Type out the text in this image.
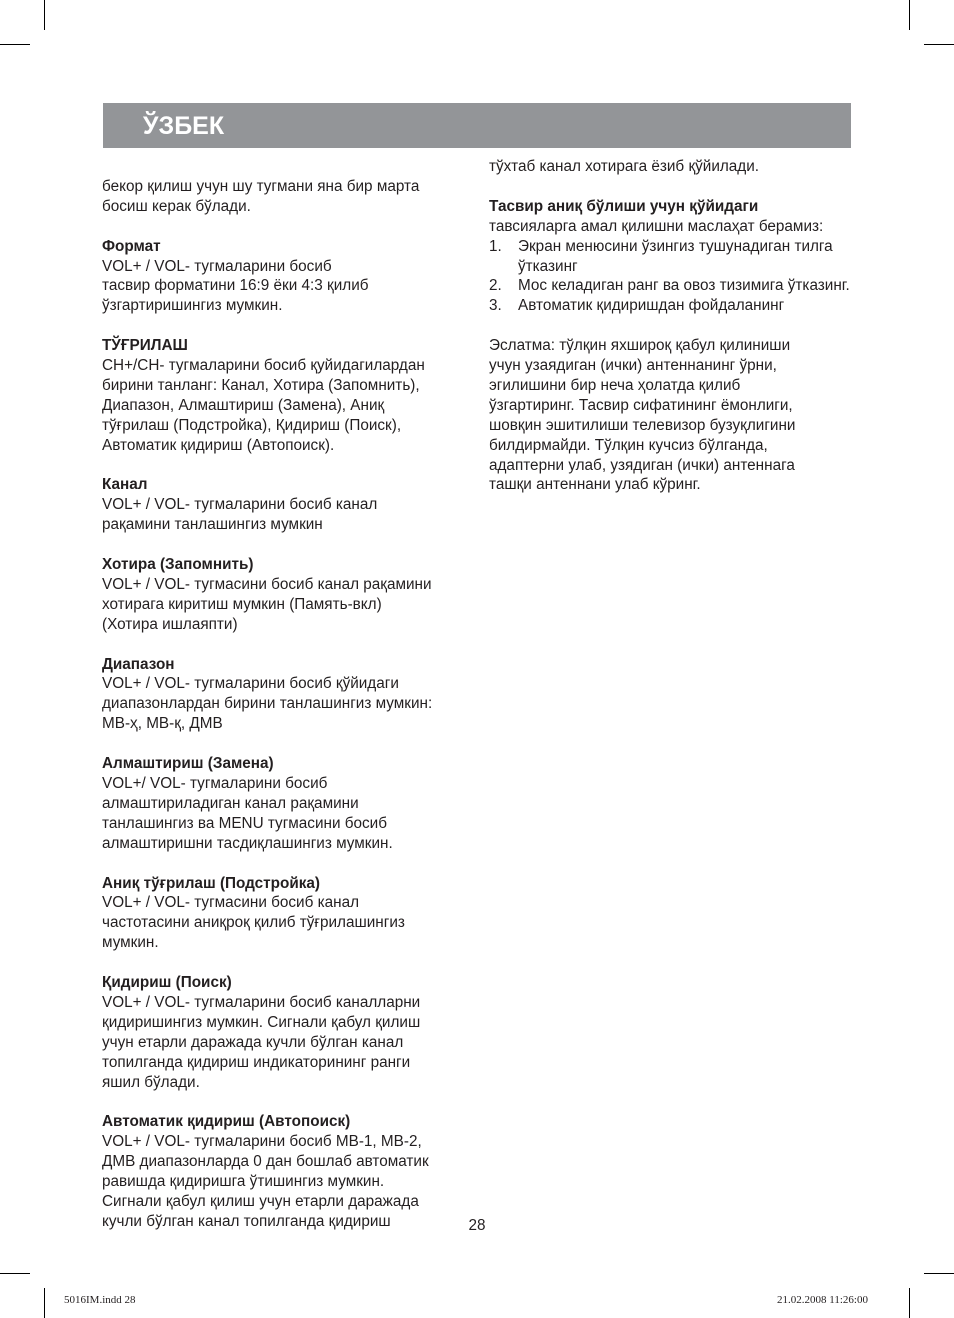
ЎЗБЕК

бекор қилиш учун шу тугмани яна бир марта
босиш керак бўлади.

Формат
VOL+ / VOL- тугмаларини босиб
тасвир форматини 16:9 ёки 4:3 қилиб
ўзгартиришингиз мумкин.

ТЎҒРИЛАШ
CH+/CH- тугмаларини босиб қуйидагилардан
бирини танланг: Канал, Хотира (Запомнить),
Диапазон, Алмаштириш (Замена), Аниқ
тўғрилаш (Подстройка), Қидириш (Поиск),
Автоматик қидириш (Автопоиск).

Канал
VOL+ / VOL- тугмаларини босиб канал
рақамини танлашингиз мумкин

Хотира (Запомнить)
VOL+ / VOL- тугмасини босиб канал рақамини
хотирага киритиш мумкин (Память-вкл)
(Хотира ишлаяпти)

Диапазон
VOL+ / VOL- тугмаларини босиб қўйидаги
диапазонлардан бирини танлашингиз мумкин:
МВ-ҳ, МВ-қ, ДМВ

Алмаштириш (Замена)
VOL+/ VOL- тугмаларини босиб
алмаштириладиган канал рақамини
танлашингиз ва MENU тугмасини босиб
алмаштиришни тасдиқлашингиз мумкин.

Аниқ тўғрилаш (Подстройка)
VOL+ / VOL- тугмасини босиб канал
частотасини аниқроқ қилиб тўғрилашингиз
мумкин.

Қидириш (Поиск)
VOL+ / VOL- тугмаларини босиб каналларни
қидиришингиз мумкин. Сигнали қабул қилиш
учун етарли даражада кучли бўлган канал
топилганда қидириш индикаторининг ранги
яшил бўлади.

Автоматик қидириш (Автопоиск)
VOL+ / VOL- тугмаларини босиб МВ-1, МВ-2,
ДМВ диапазонларда 0 дан бошлаб автоматик
равишда қидиришга ўтишингиз мумкин.
Сигнали қабул қилиш учун етарли даражада
кучли бўлган канал топилганда қидириш

тўхтаб канал хотирага ёзиб қўйилади.

Тасвир аниқ бўлиши учун қўйидаги
тавсияларга амал қилишни маслаҳат берамиз:

1. Экран менюсини ўзингиз тушунадиган тилга ўтказинг
2. Мос келадиган ранг ва овоз тизимига ўтказинг.
3. Автоматик қидиришдан фойдаланинг

Эслатма: тўлқин яхшироқ қабул қилиниши
учун узаядиган (ички) антеннанинг ўрни,
эгилишини бир неча ҳолатда қилиб
ўзгартиринг. Тасвир сифатининг ёмонлиги,
шовқин эшитилиши телевизор бузуқлигини
билдирмайди. Тўлқин кучсиз бўлганда,
адаптерни улаб, узядиган (ички) антеннага
ташқи антеннани улаб кўринг.

28
5016IM.indd 28	21.02.2008 11:26:00
